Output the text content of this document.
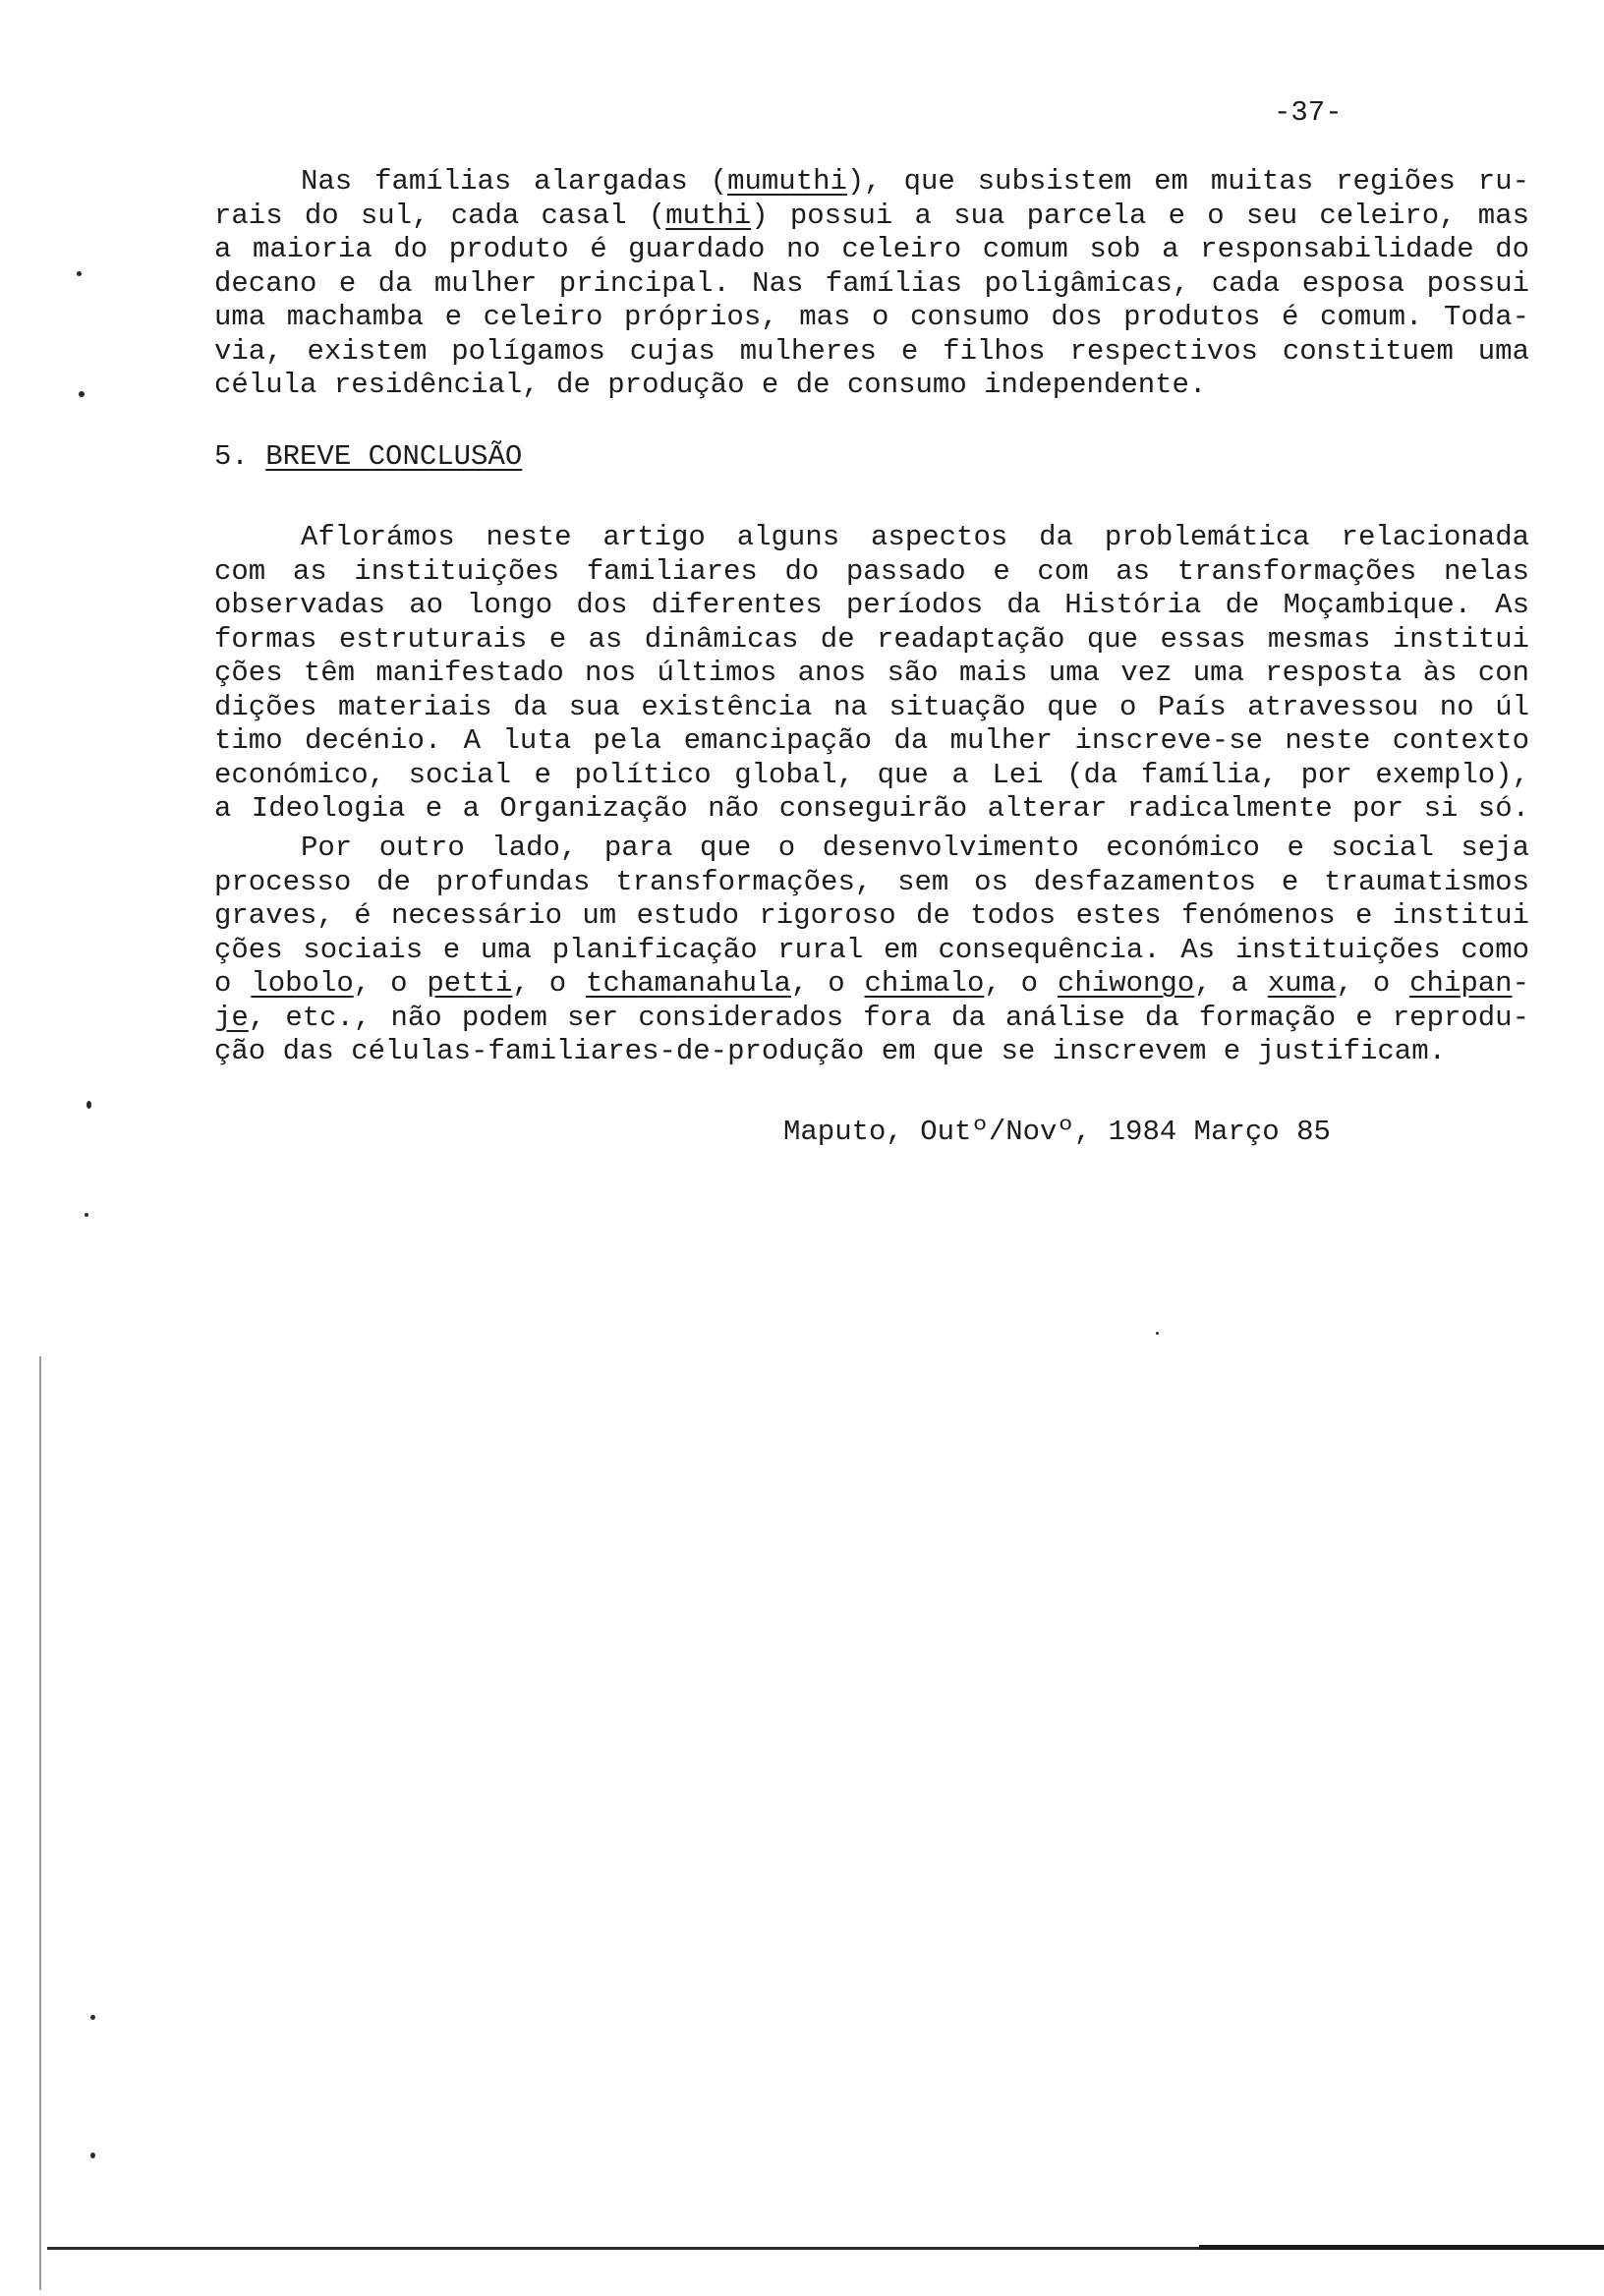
-37-
Nas famílias alargadas (mumuthi), que subsistem em muitas regiões ru-
rais do sul, cada casal (muthi) possui a sua parcela e o seu celeiro, mas
a maioria do produto é guardado no celeiro comum sob a responsabilidade do
decano e da mulher principal. Nas famílias poligâmicas, cada esposa possui
uma machamba e celeiro próprios, mas o consumo dos produtos é comum. Toda-
via, existem polígamos cujas mulheres e filhos respectivos constituem uma
célula residêncial, de produção e de consumo independente.
5. BREVE CONCLUSÃO
Aflorámos neste artigo alguns aspectos da problemática relacionada
com as instituições familiares do passado e com as transformações nelas
observadas ao longo dos diferentes períodos da História de Moçambique. As
formas estruturais e as dinâmicas de readaptação que essas mesmas institui
ções têm manifestado nos últimos anos são mais uma vez uma resposta às con
dições materiais da sua existência na situação que o País atravessou no úl
timo decénio. A luta pela emancipação da mulher inscreve-se neste contexto
económico, social e político global, que a Lei (da família, por exemplo),
a Ideologia e a Organização não conseguirão alterar radicalmente por si só.
Por outro lado, para que o desenvolvimento económico e social seja
processo de profundas transformações, sem os desfazamentos e traumatismos
graves, é necessário um estudo rigoroso de todos estes fenómenos e institui
ções sociais e uma planificação rural em consequência. As instituições como
o lobolo, o petti, o tchamanahula, o chimalo, o chiwongo, a xuma, o chipan-
je, etc., não podem ser considerados fora da análise da formação e reprodu-
ção das células-familiares-de-produção em que se inscrevem e justificam.
Maputo, Outº/Novº, 1984 Março 85
